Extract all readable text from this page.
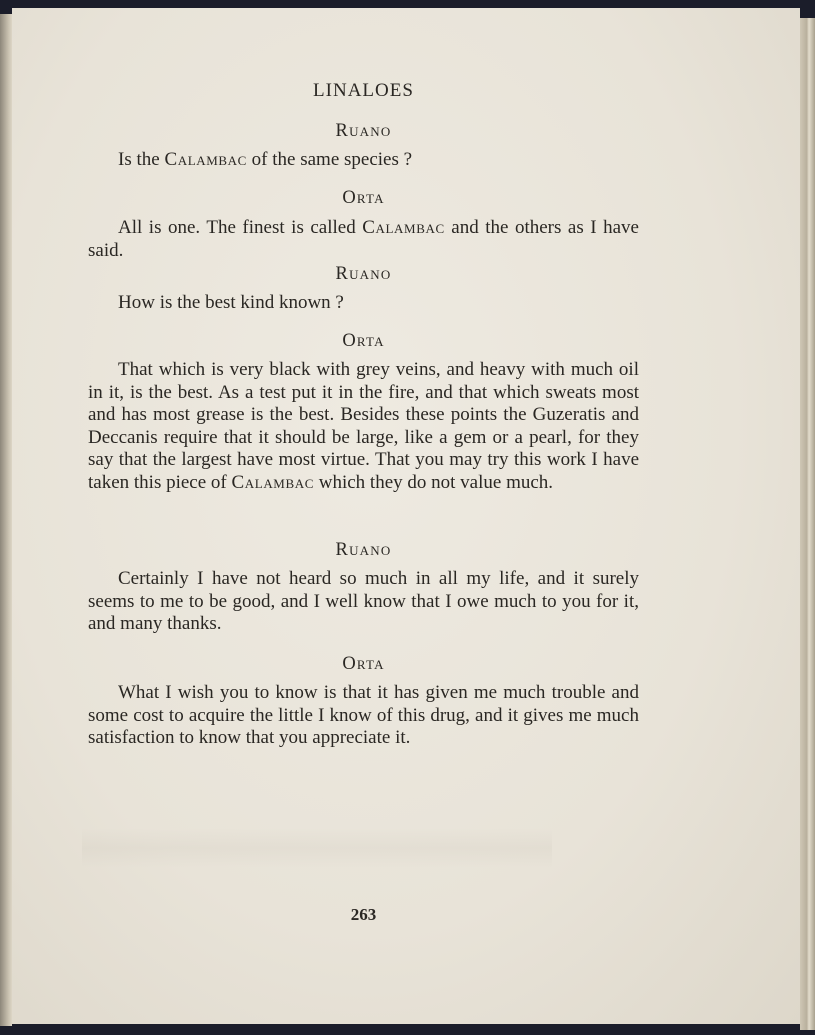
LINALOES
Ruano

Is the Calambac of the same species ?

Orta

All is one. The finest is called Calambac and the others as I have said.

Ruano

How is the best kind known ?

Orta

That which is very black with grey veins, and heavy with much oil in it, is the best. As a test put it in the fire, and that which sweats most and has most grease is the best. Besides these points the Guzeratis and Deccanis require that it should be large, like a gem or a pearl, for they say that the largest have most virtue. That you may try this work I have taken this piece of Calambac which they do not value much.

Ruano

Certainly I have not heard so much in all my life, and it surely seems to me to be good, and I well know that I owe much to you for it, and many thanks.

Orta

What I wish you to know is that it has given me much trouble and some cost to acquire the little I know of this drug, and it gives me much satisfaction to know that you appreciate it.

263
